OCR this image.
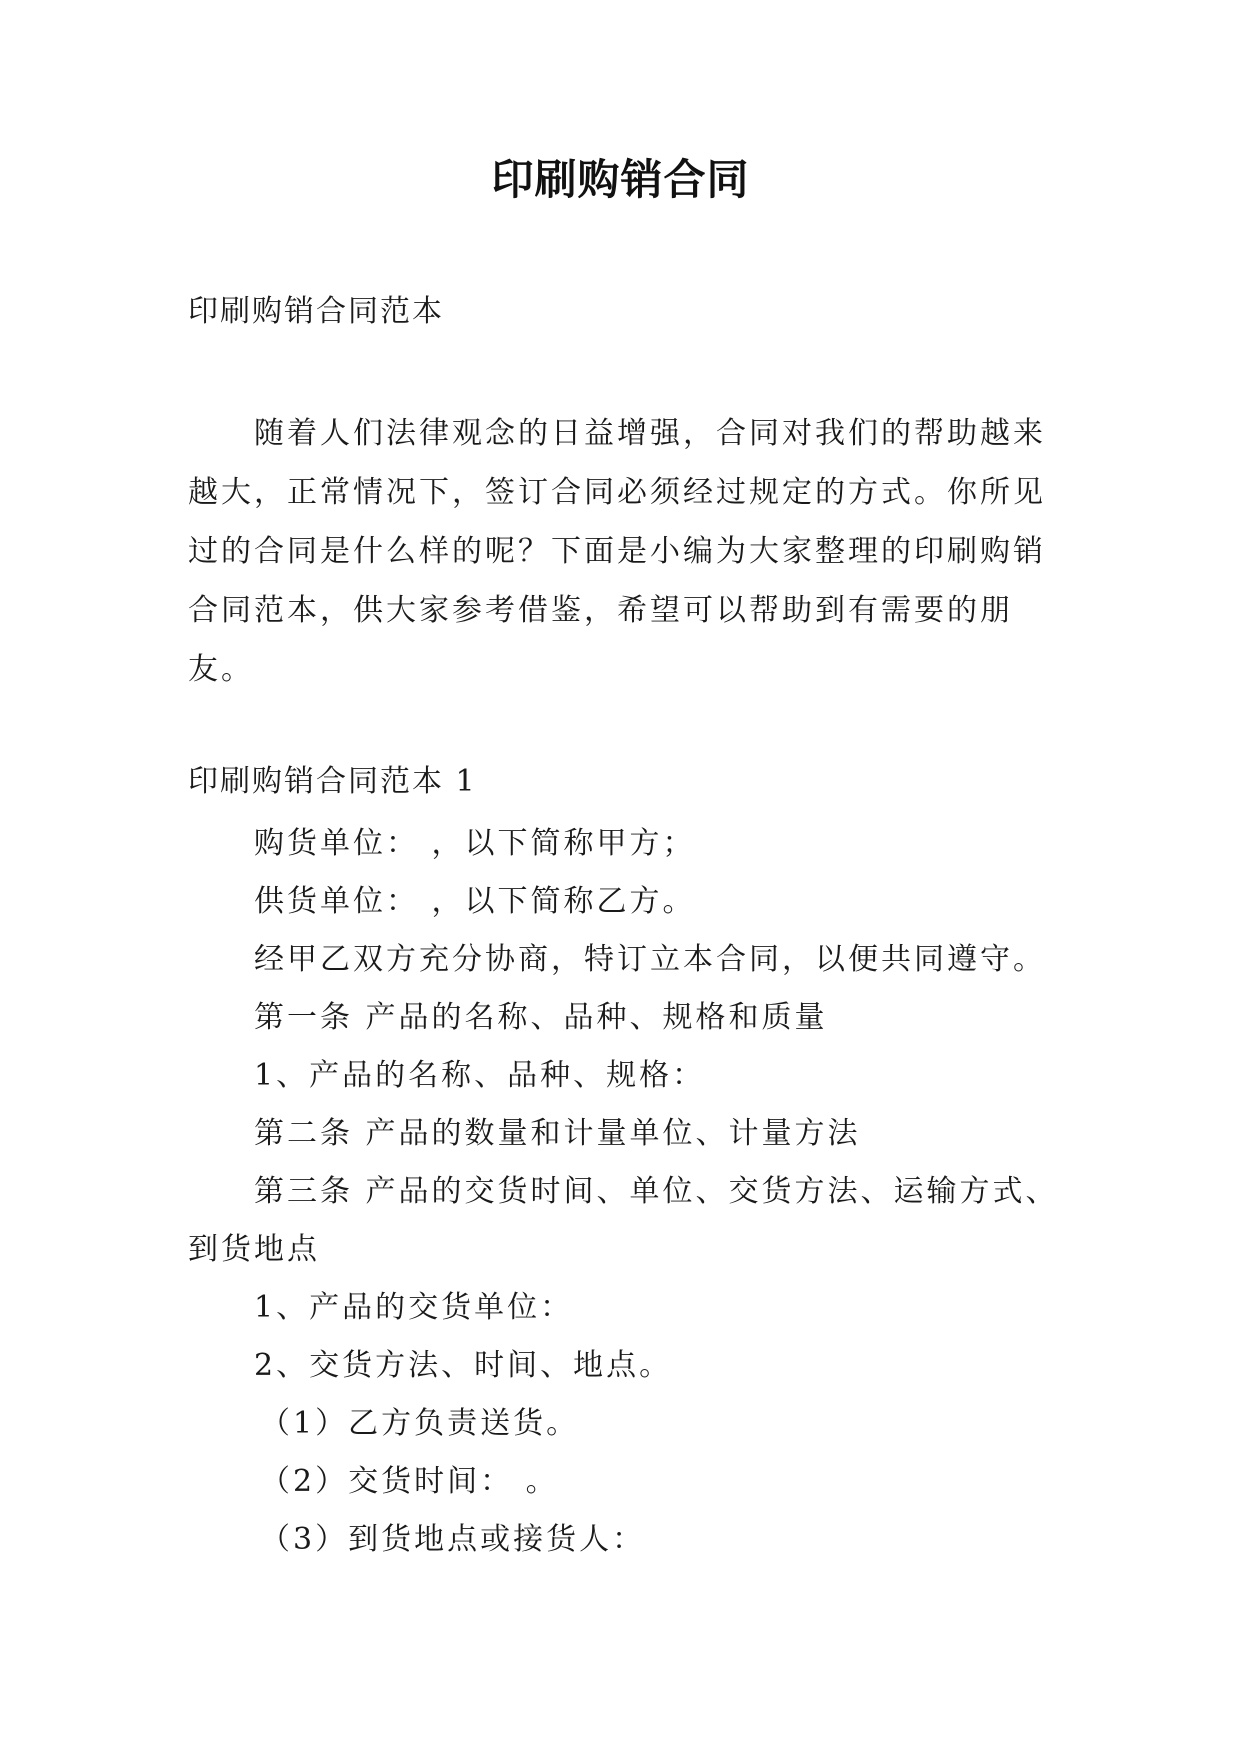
印刷购销合同
印刷购销合同范本

随着人们法律观念的日益增强，合同对我们的帮助越来越大，正常情况下，签订合同必须经过规定的方式。你所见过的合同是什么样的呢？下面是小编为大家整理的印刷购销合同范本，供大家参考借鉴，希望可以帮助到有需要的朋友。

印刷购销合同范本 1

购货单位： ，以下简称甲方；

供货单位： ，以下简称乙方。

经甲乙双方充分协商，特订立本合同，以便共同遵守。

第一条 产品的名称、品种、规格和质量

1、产品的名称、品种、规格：

第二条 产品的数量和计量单位、计量方法

第三条 产品的交货时间、单位、交货方法、运输方式、到货地点

1、产品的交货单位：

2、交货方法、时间、地点。

（1）乙方负责送货。

（2）交货时间： 。

（3）到货地点或接货人：
